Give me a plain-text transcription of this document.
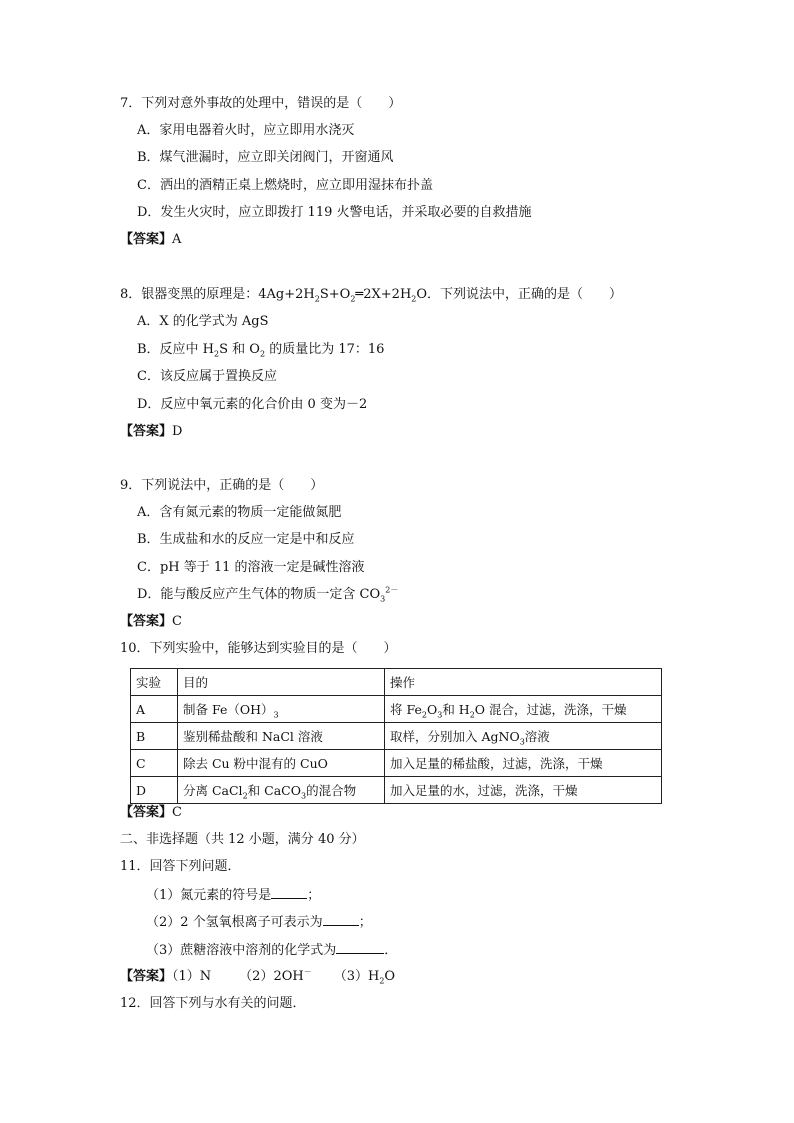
7．下列对意外事故的处理中，错误的是（　　）
A．家用电器着火时，应立即用水浇灭
B．煤气泄漏时，应立即关闭阀门，开窗通风
C．洒出的酒精正桌上燃烧时，应立即用湿抹布扑盖
D．发生火灾时，应立即拨打 119 火警电话，并采取必要的自救措施
【答案】A
8．银器变黑的原理是：$4Ag+2H_2S+O_2═2X+2H_2O$．下列说法中，正确的是（　　）
A．X 的化学式为 AgS
B．反应中 $H_2S$ 和 $O_2$ 的质量比为 17：16
C．该反应属于置换反应
D．反应中氧元素的化合价由 0 变为－2
【答案】D
9．下列说法中，正确的是（　　）
A．含有氮元素的物质一定能做氮肥
B．生成盐和水的反应一定是中和反应
C．pH 等于 11 的溶液一定是碱性溶液
D．能与酸反应产生气体的物质一定含 $CO_3^{2-}$
【答案】C
10．下列实验中，能够达到实验目的是（　　）
实验	目的	操作
A	制备 $Fe(OH)_3$	将 $Fe_2O_3$和 $H_2O$ 混合，过滤，洗涤，干燥
B	鉴别稀盐酸和 NaCl 溶液	取样，分别加入 AgNO$_3$溶液
C	除去 Cu 粉中混有的 CuO	加入足量的稀盐酸，过滤，洗涤，干燥
D	分离 CaCl$_2$和 CaCO$_3$的混合物	加入足量的水，过滤，洗涤，干燥
【答案】C
二、非选择题（共 12 小题，满分 40 分）
11．回答下列问题．
（1）氮元素的符号是	；
（2）2 个氢氧根离子可表示为	；
（3）蔗糖溶液中溶剂的化学式为	．
【答案】（1）N （2）2OH－ $(3)H_2O$
12．回答下列与水有关的问题．
